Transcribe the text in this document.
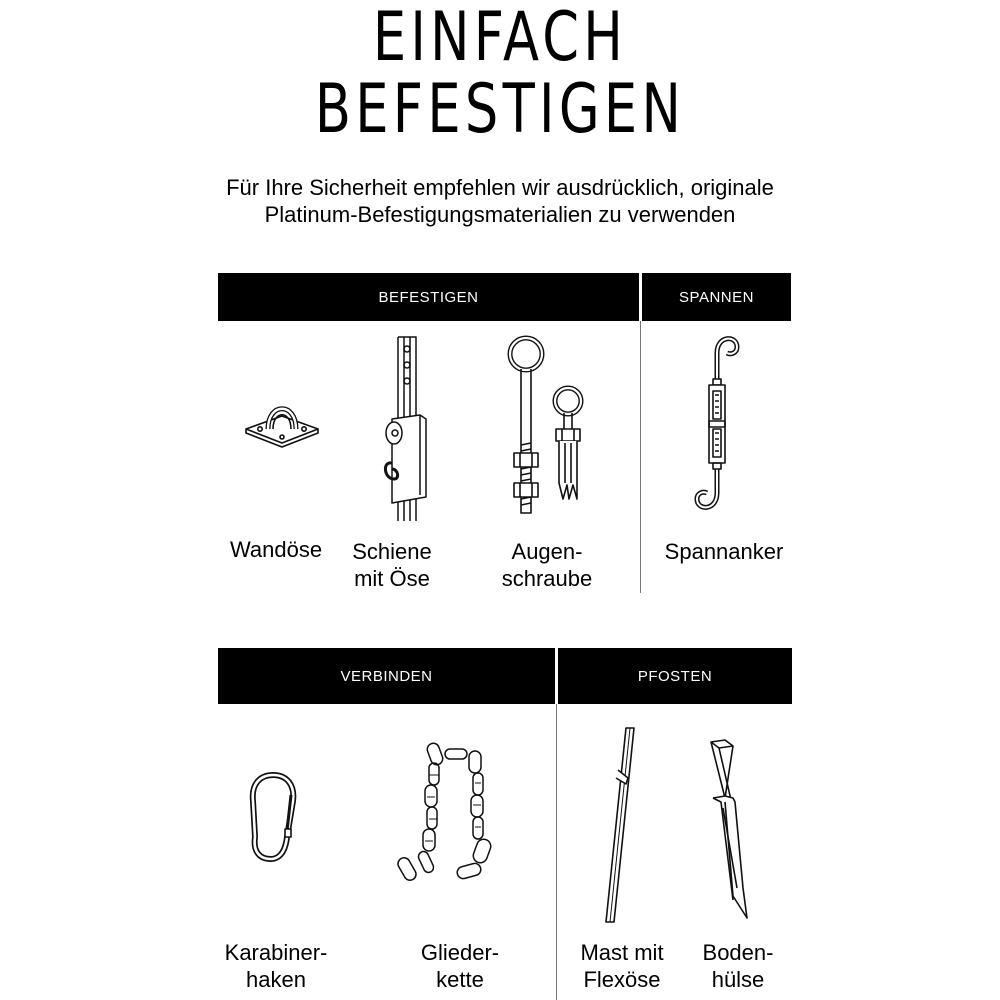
EINFACH
BEFESTIGEN
Für Ihre Sicherheit empfehlen wir ausdrücklich, originale
Platinum-Befestigungsmaterialien zu verwenden
BEFESTIGEN	SPANNEN
VERBINDEN	PFOSTEN
Wandöse	Schiene
mit Öse
Augen-
schraube
Spannanker
Karabiner-
haken
Glieder-
kette
Mast mit
Flexöse
Boden-
hülse
